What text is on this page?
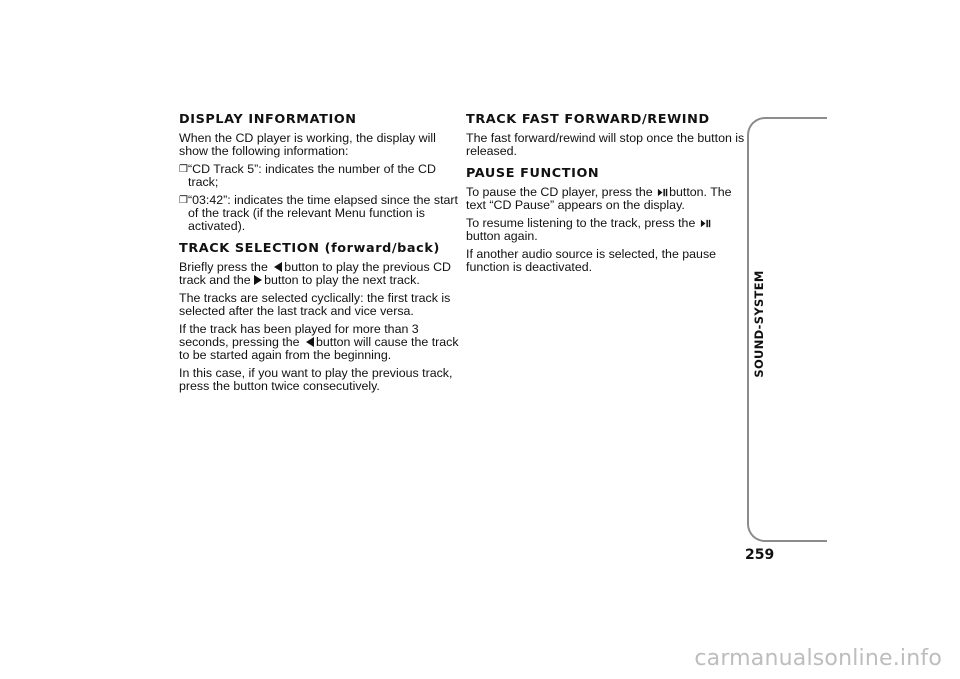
DISPLAY INFORMATION

When the CD player is working, the display will show the following information:

❒ “CD Track 5”: indicates the number of the CD track;
❒ “03:42”: indicates the time elapsed since the start of the track (if the relevant Menu function is activated).
TRACK SELECTION (forward/back)

Briefly press the button to play the previous CD track and the button to play the next track.

The tracks are selected cyclically: the first track is selected after the last track and vice versa.

If the track has been played for more than 3 seconds, pressing the button will cause the track to be started again from the beginning.

In this case, if you want to play the previous track, press the button twice consecutively.

TRACK FAST FORWARD/REWIND

The fast forward/rewind will stop once the button is released.

PAUSE FUNCTION

To pause the CD player, press the button. The text “CD Pause” appears on the display.

To resume listening to the track, press the button again.

If another audio source is selected, the pause function is deactivated.

SOUND-SYSTEM
259
carmanualsonline.info
